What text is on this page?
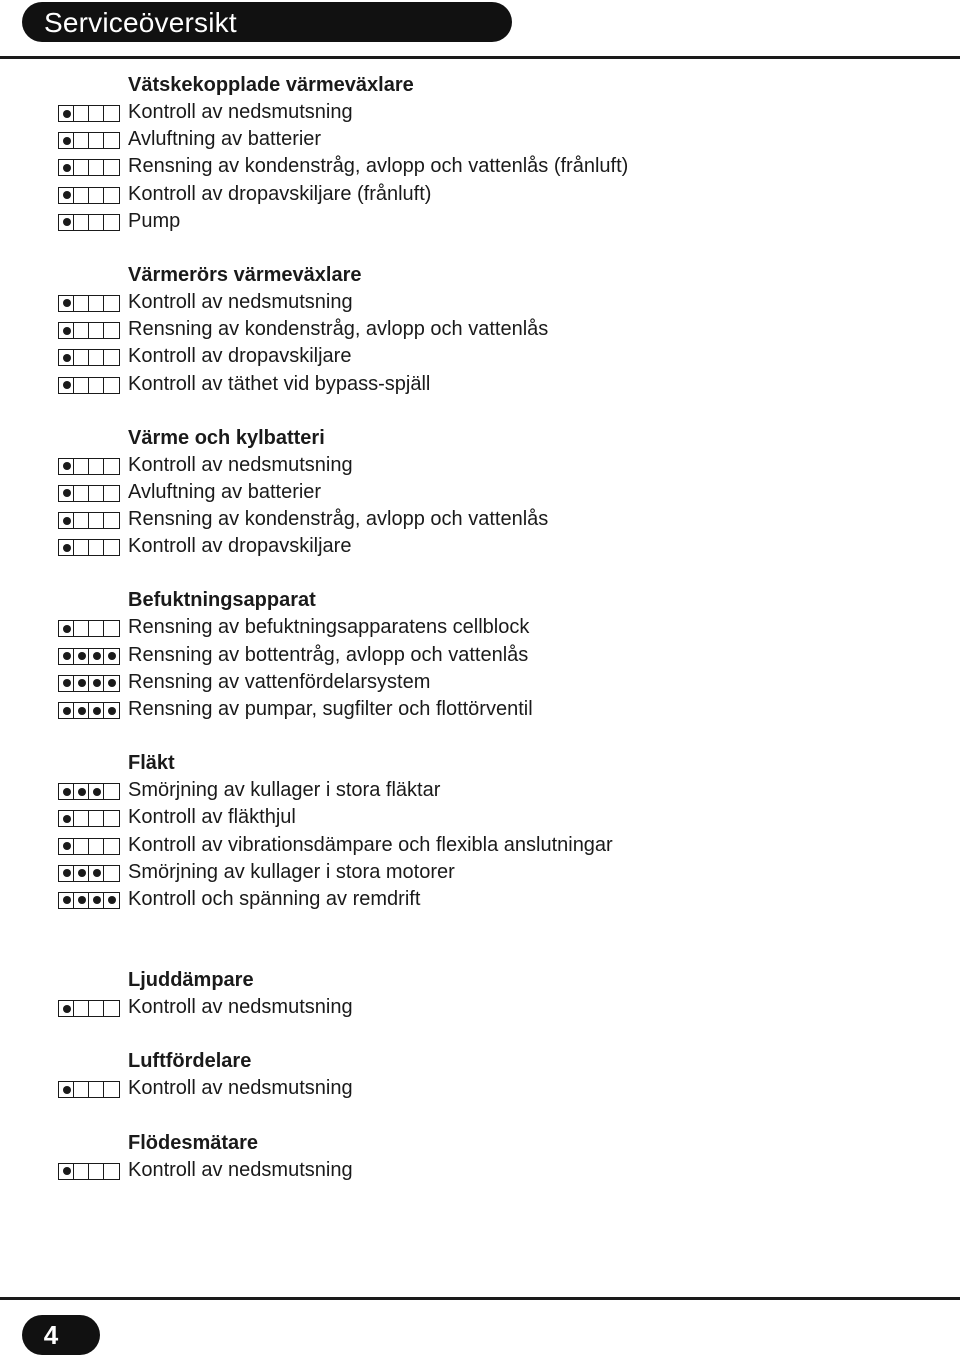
Serviceöversikt
Vätskekopplade värmeväxlare
Kontroll av nedsmutsning
Avluftning av batterier
Rensning av kondenstråg, avlopp och vattenlås (frånluft)
Kontroll av dropavskiljare (frånluft)
Pump
Värmerörs värmeväxlare
Kontroll av nedsmutsning
Rensning av kondenstråg, avlopp och vattenlås
Kontroll av dropavskiljare
Kontroll av täthet vid bypass-spjäll
Värme och kylbatteri
Kontroll av nedsmutsning
Avluftning av batterier
Rensning av kondenstråg, avlopp och vattenlås
Kontroll av dropavskiljare
Befuktningsapparat
Rensning av befuktningsapparatens cellblock
Rensning av bottentråg, avlopp och vattenlås
Rensning av vattenfördelarsystem
Rensning av pumpar, sugfilter och flottörventil
Fläkt
Smörjning av kullager i stora fläktar
Kontroll av fläkthjul
Kontroll av vibrationsdämpare och flexibla anslutningar
Smörjning av kullager i stora motorer
Kontroll och spänning av remdrift
Ljuddämpare
Kontroll av nedsmutsning
Luftfördelare
Kontroll av nedsmutsning
Flödesmätare
Kontroll av nedsmutsning
4
